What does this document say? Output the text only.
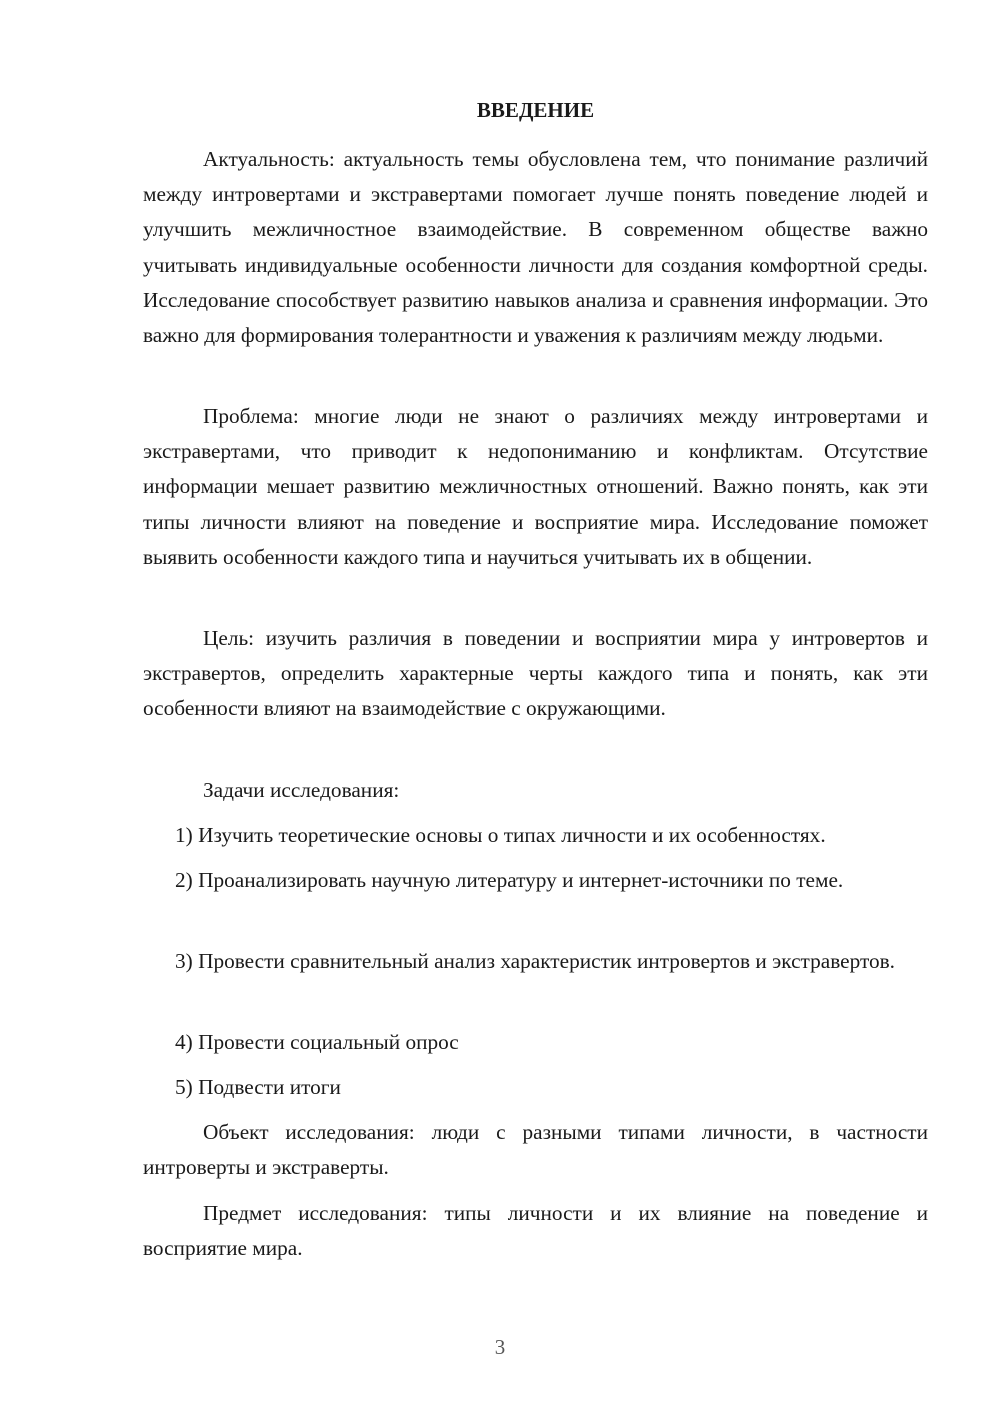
ВВЕДЕНИЕ

Актуальность: актуальность темы обусловлена тем, что понимание различий между интровертами и экстравертами помогает лучше понять поведение людей и улучшить межличностное взаимодействие. В современном обществе важно учитывать индивидуальные особенности личности для создания комфортной среды. Исследование способствует развитию навыков анализа и сравнения информации. Это важно для формирования толерантности и уважения к различиям между людьми.

Проблема: многие люди не знают о различиях между интровертами и экстравертами, что приводит к недопониманию и конфликтам. Отсутствие информации мешает развитию межличностных отношений. Важно понять, как эти типы личности влияют на поведение и восприятие мира. Исследование поможет выявить особенности каждого типа и научиться учитывать их в общении.

Цель: изучить различия в поведении и восприятии мира у интровертов и экстравертов, определить характерные черты каждого типа и понять, как эти особенности влияют на взаимодействие с окружающими.

Задачи исследования:

1) Изучить теоретические основы о типах личности и их особенностях.

2) Проанализировать научную литературу и интернет-источники по теме.

3) Провести сравнительный анализ характеристик интровертов и экстравертов.

4) Провести социальный опрос

5) Подвести итоги

Объект исследования: люди с разными типами личности, в частности интроверты и экстраверты.

Предмет исследования: типы личности и их влияние на поведение и восприятие мира.

3
